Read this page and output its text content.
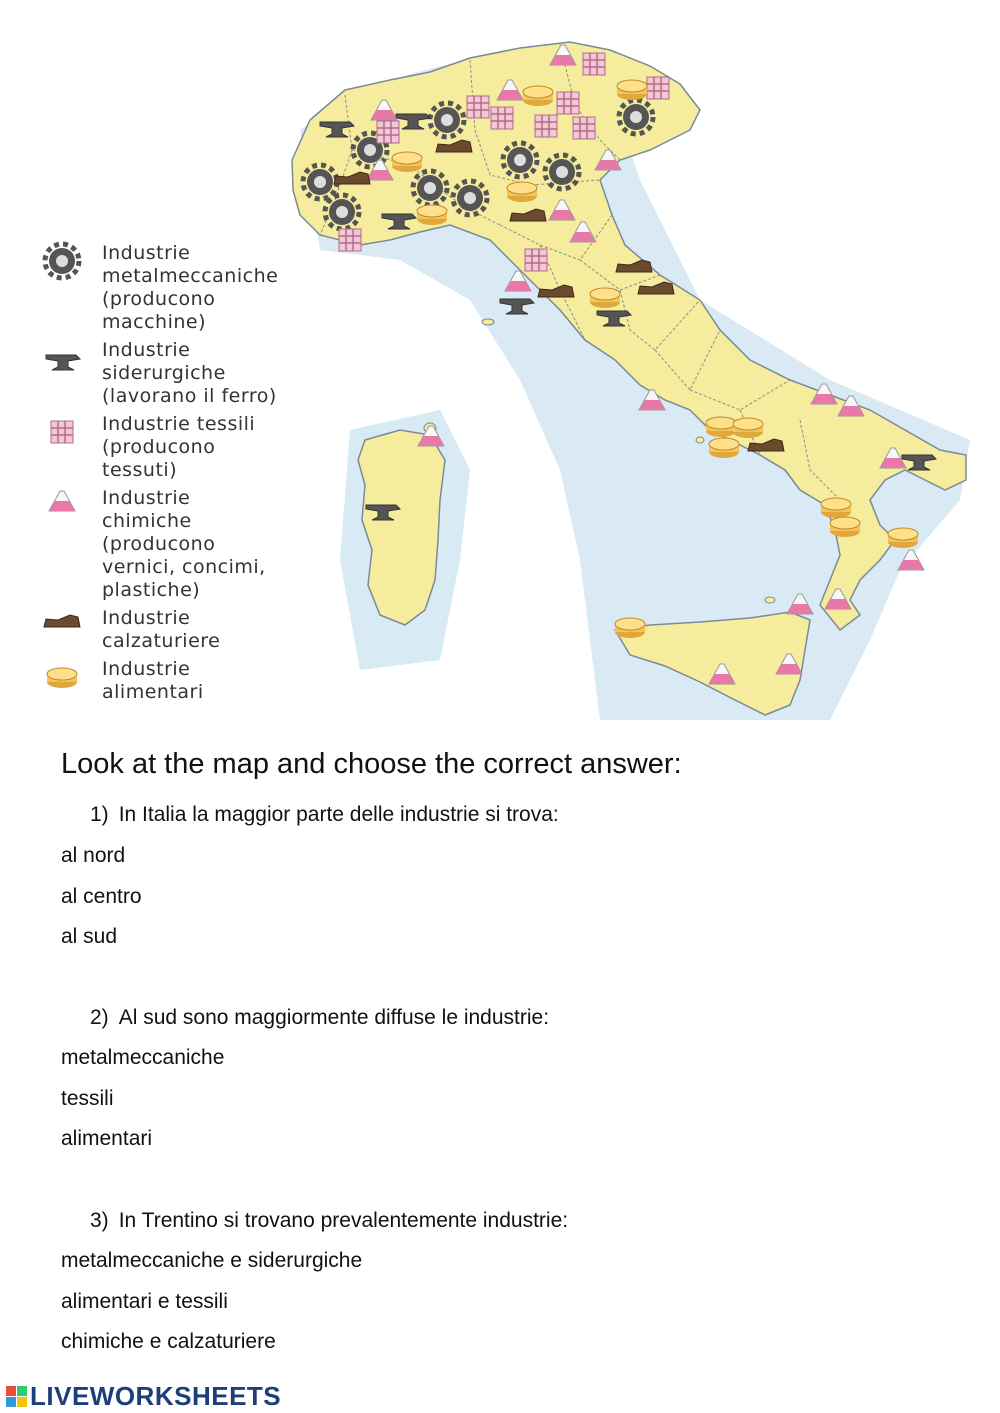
Industrie
metalmeccaniche
(producono
macchine)
Industrie
siderurgiche
(lavorano il ferro)
Industrie tessili
(producono
tessuti)
Industrie
chimiche
(producono
vernici, concimi,
plastiche)
Industrie
calzaturiere
Industrie
alimentari
Look at the map and choose the correct answer:
1) In Italia la maggior parte delle industrie si trova:
al nord
al centro
al sud
2) Al sud sono maggiormente diffuse le industrie:
metalmeccaniche
tessili
alimentari
3) In Trentino si trovano prevalentemente industrie:
metalmeccaniche e siderurgiche
alimentari e tessili
chimiche e calzaturiere
LIVEWORKSHEETS
